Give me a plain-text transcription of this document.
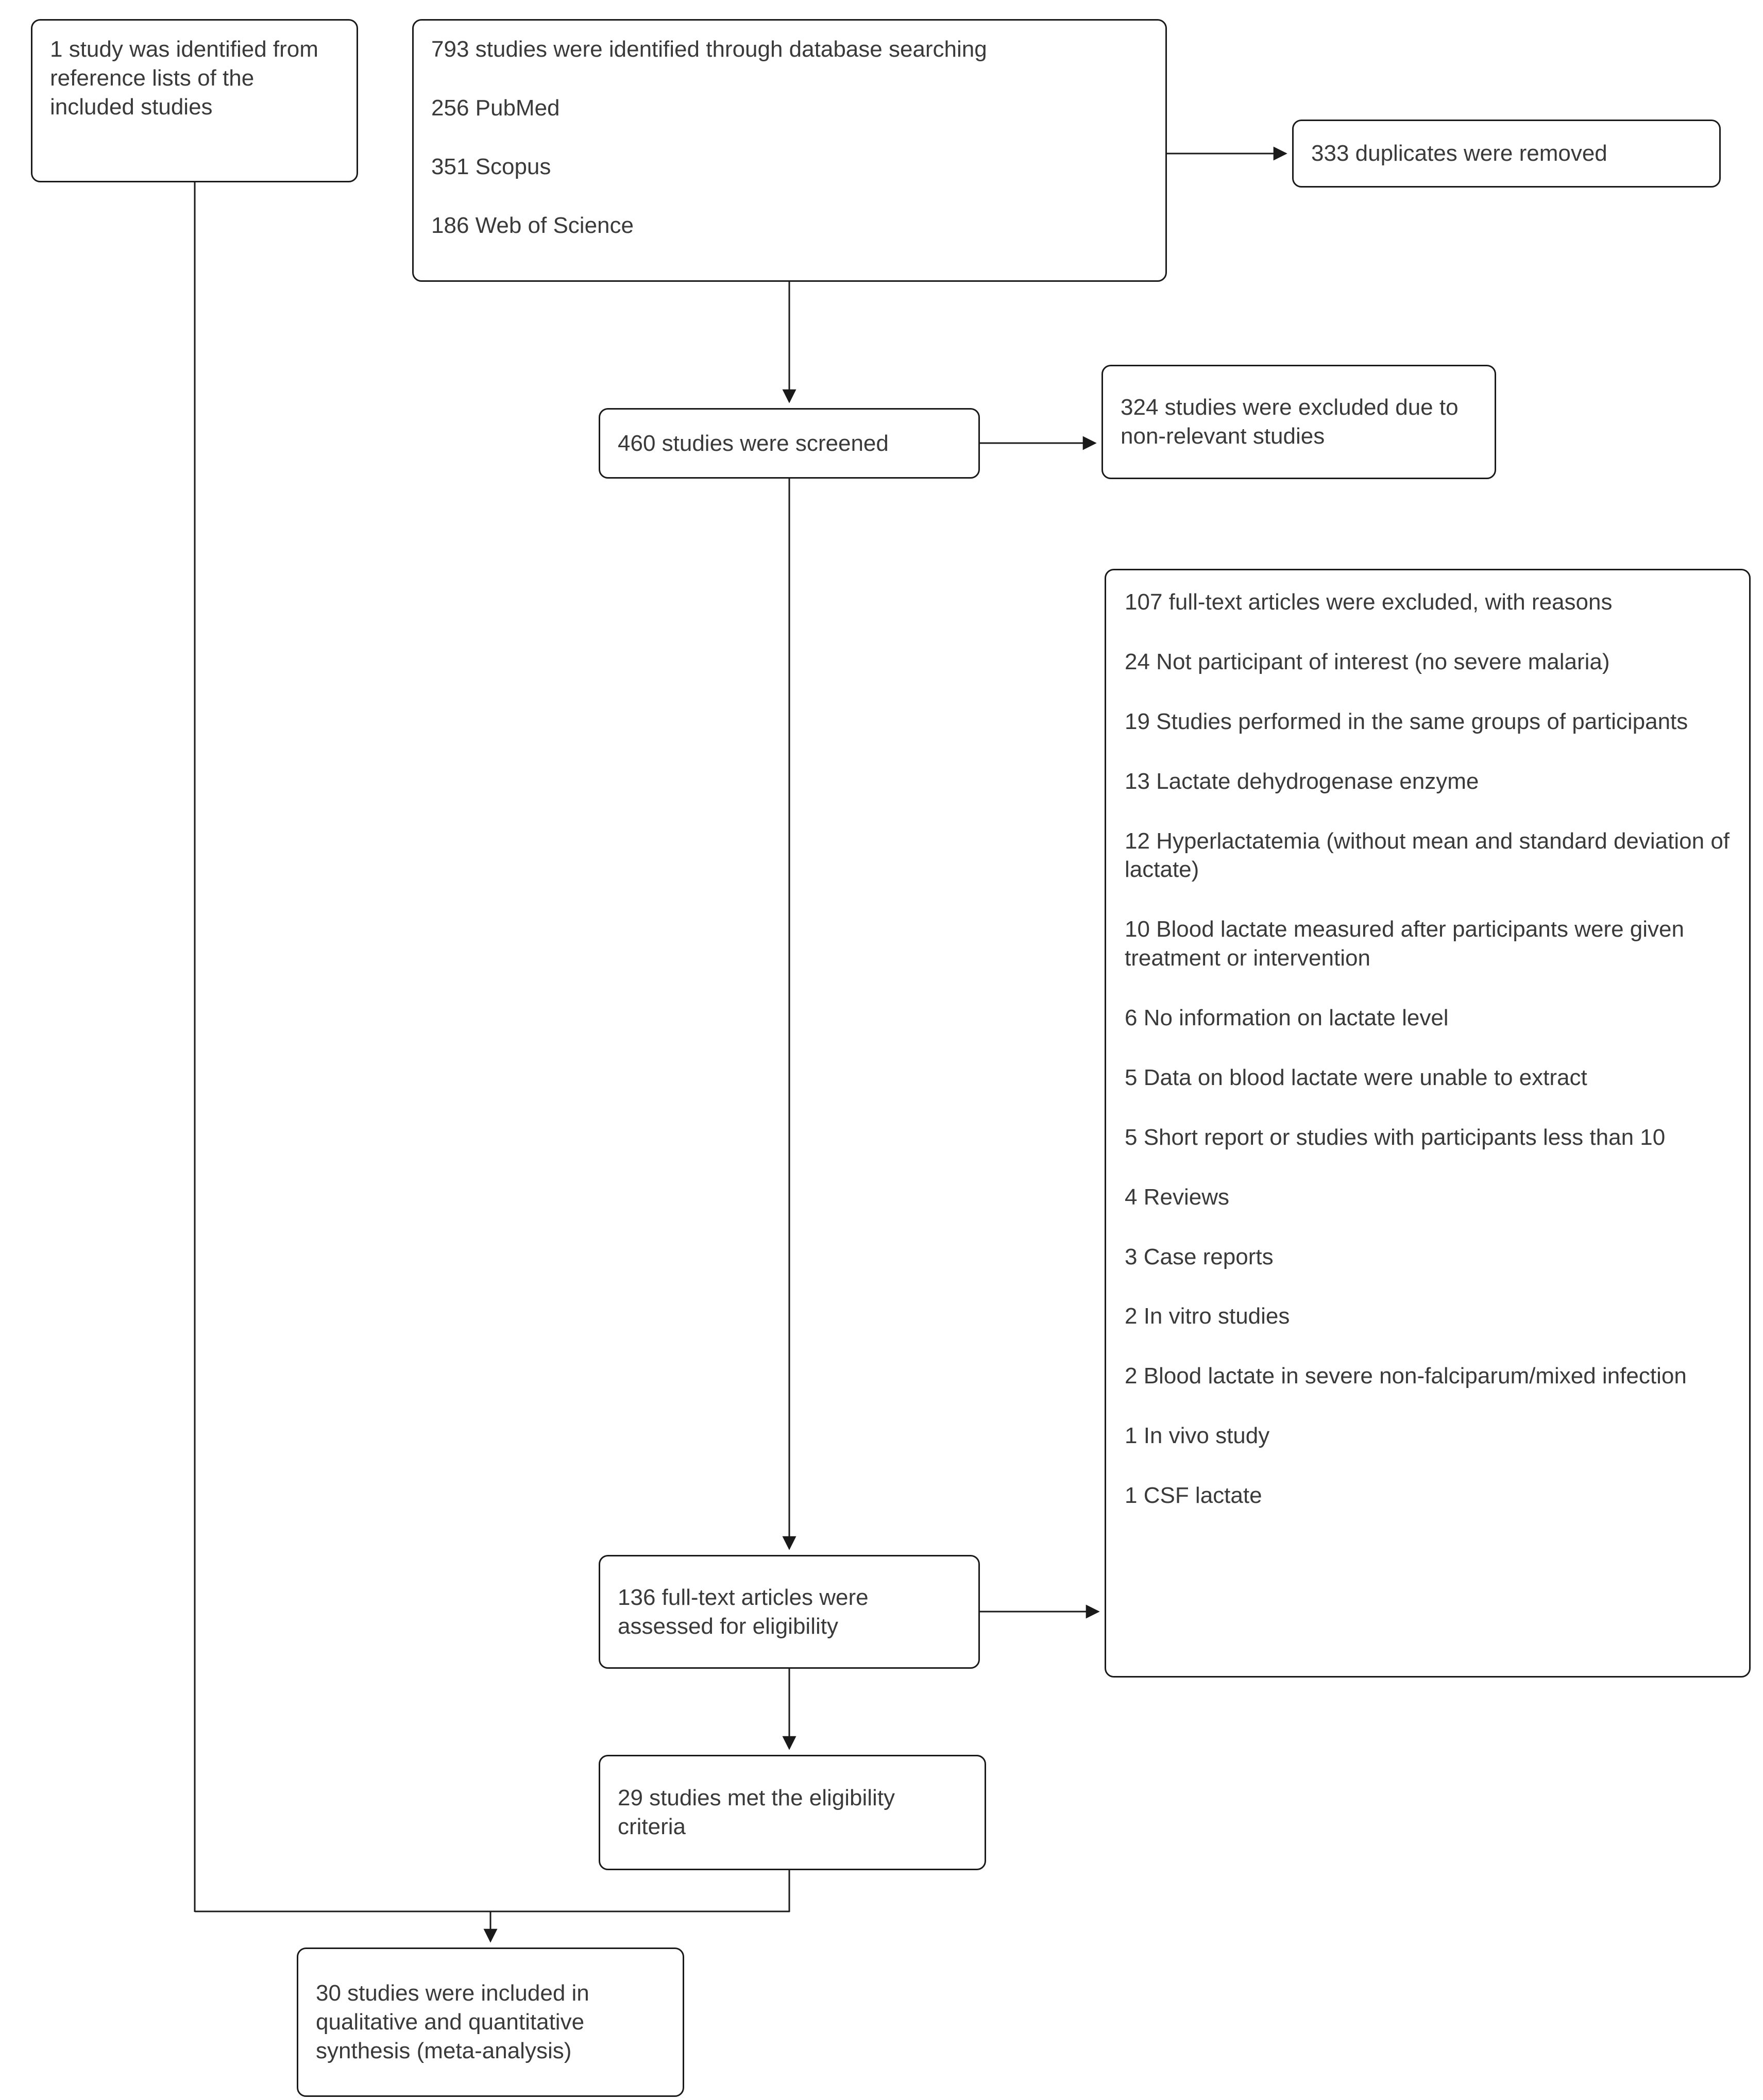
1 study was identified from reference lists of the included studies

793 studies were identified through database searching

256 PubMed

351 Scopus

186 Web of Science

333 duplicates were removed

460 studies were screened

324 studies were excluded due to non-relevant studies

107 full-text articles were excluded, with reasons

24 Not participant of interest (no severe malaria)

19 Studies performed in the same groups of participants

13 Lactate dehydrogenase enzyme

12 Hyperlactatemia (without mean and standard deviation of lactate)

10 Blood lactate measured after participants were given treatment or intervention

6 No information on lactate level

5 Data on blood lactate were unable to extract

5 Short report or studies with participants less than 10

4 Reviews

3 Case reports

2 In vitro studies

2 Blood lactate in severe non-falciparum/mixed infection

1 In vivo study

1 CSF lactate

136 full-text articles were assessed for eligibility

29 studies met the eligibility criteria

30 studies were included in qualitative and quantitative synthesis (meta-analysis)
